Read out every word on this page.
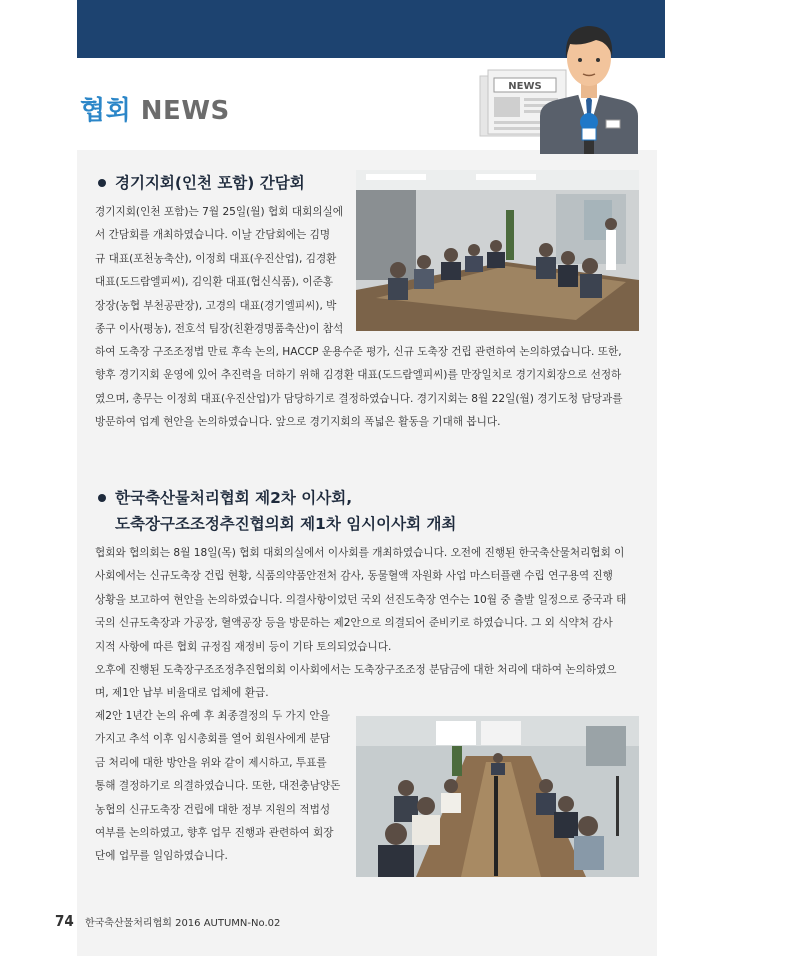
협회 NEWS
NEWS
경기지회(인천 포함) 간담회
경기지회(인천 포함)는 7월 25일(월) 협회 대회의실에
서 간담회를 개최하였습니다. 이날 간담회에는 김명
규 대표(포천농축산), 이정희 대표(우진산업), 김경환
대표(도드람엘피씨), 김익환 대표(협신식품), 이준홍
장장(농협 부천공판장), 고경의 대표(경기엘피씨), 박
종구 이사(평농), 전호석 팀장(친환경명품축산)이 참석
하여 도축장 구조조정법 만료 후속 논의, HACCP 운용수준 평가, 신규 도축장 건립 관련하여 논의하였습니다. 또한,
향후 경기지회 운영에 있어 추진력을 더하기 위해 김경환 대표(도드람엘피씨)를 만장일치로 경기지회장으로 선정하
였으며, 총무는 이정희 대표(우진산업)가 담당하기로 결정하였습니다. 경기지회는 8월 22일(월) 경기도청 담당과를
방문하여 업계 현안을 논의하였습니다. 앞으로 경기지회의 폭넓은 활동을 기대해 봅니다.
한국축산물처리협회 제2차 이사회,
도축장구조조정추진협의회 제1차 임시이사회 개최
협회와 협의회는 8월 18일(목) 협회 대회의실에서 이사회를 개최하였습니다. 오전에 진행된 한국축산물처리협회 이
사회에서는 신규도축장 건립 현황, 식품의약품안전처 감사, 동물혈액 자원화 사업 마스터플랜 수립 연구용역 진행
상황을 보고하여 현안을 논의하였습니다. 의결사항이었던 국외 선진도축장 연수는 10월 중 출발 일정으로 중국과 태
국의 신규도축장과 가공장, 혈액공장 등을 방문하는 제2안으로 의결되어 준비키로 하였습니다. 그 외 식약처 감사
지적 사항에 따른 협회 규정집 재정비 등이 기타 토의되었습니다.
오후에 진행된 도축장구조조정추진협의회 이사회에서는 도축장구조조정 분담금에 대한 처리에 대하여 논의하였으
며, 제1안 납부 비율대로 업체에 환급.
제2안 1년간 논의 유예 후 최종결정의 두 가지 안을
가지고 추석 이후 임시총회를 열어 회원사에게 분담
금 처리에 대한 방안을 위와 같이 제시하고, 투표를
통해 결정하기로 의결하였습니다. 또한, 대전충남양돈
농협의 신규도축장 건립에 대한 정부 지원의 적법성
여부를 논의하였고, 향후 업무 진행과 관련하여 회장
단에 업무를 일임하였습니다.
74 한국축산물처리협회 2016 AUTUMN-No.02
